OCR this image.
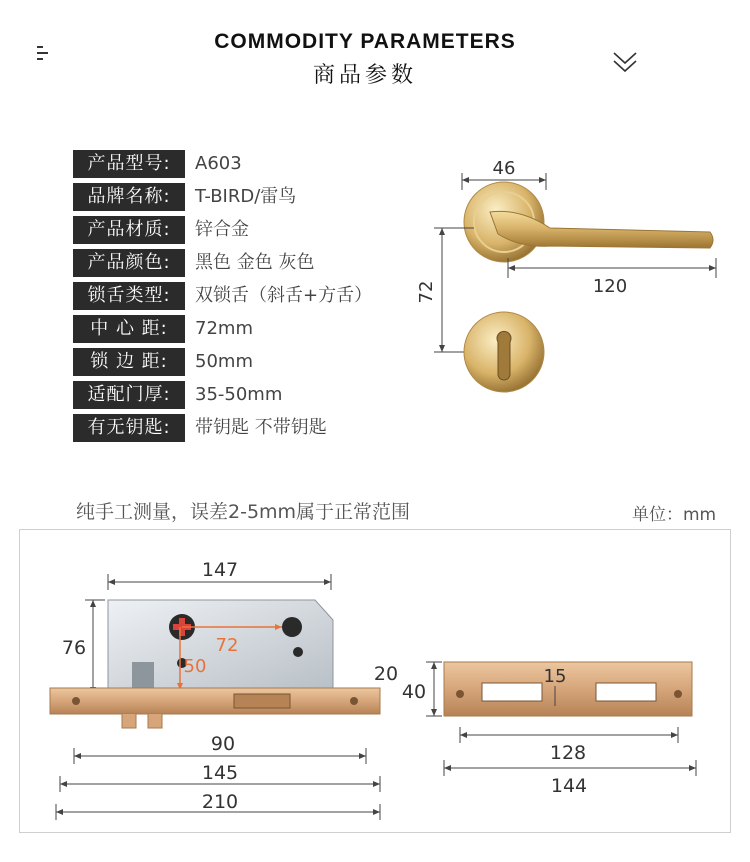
COMMODITY PARAMETERS
商品参数
产品型号:	A603
品牌名称:	T-BIRD/雷鸟
产品材质:	锌合金
产品颜色:	黑色 金色 灰色
锁舌类型:	双锁舌（斜舌+方舌）
中 心 距:	72mm
锁 边 距:	50mm
适配门厚:	35-50mm
有无钥匙:	带钥匙 不带钥匙
46
120
72
纯手工测量，误差2-5mm属于正常范围	单位：mm
147
76	72
50
90
145
210
20
40
15
128
144
